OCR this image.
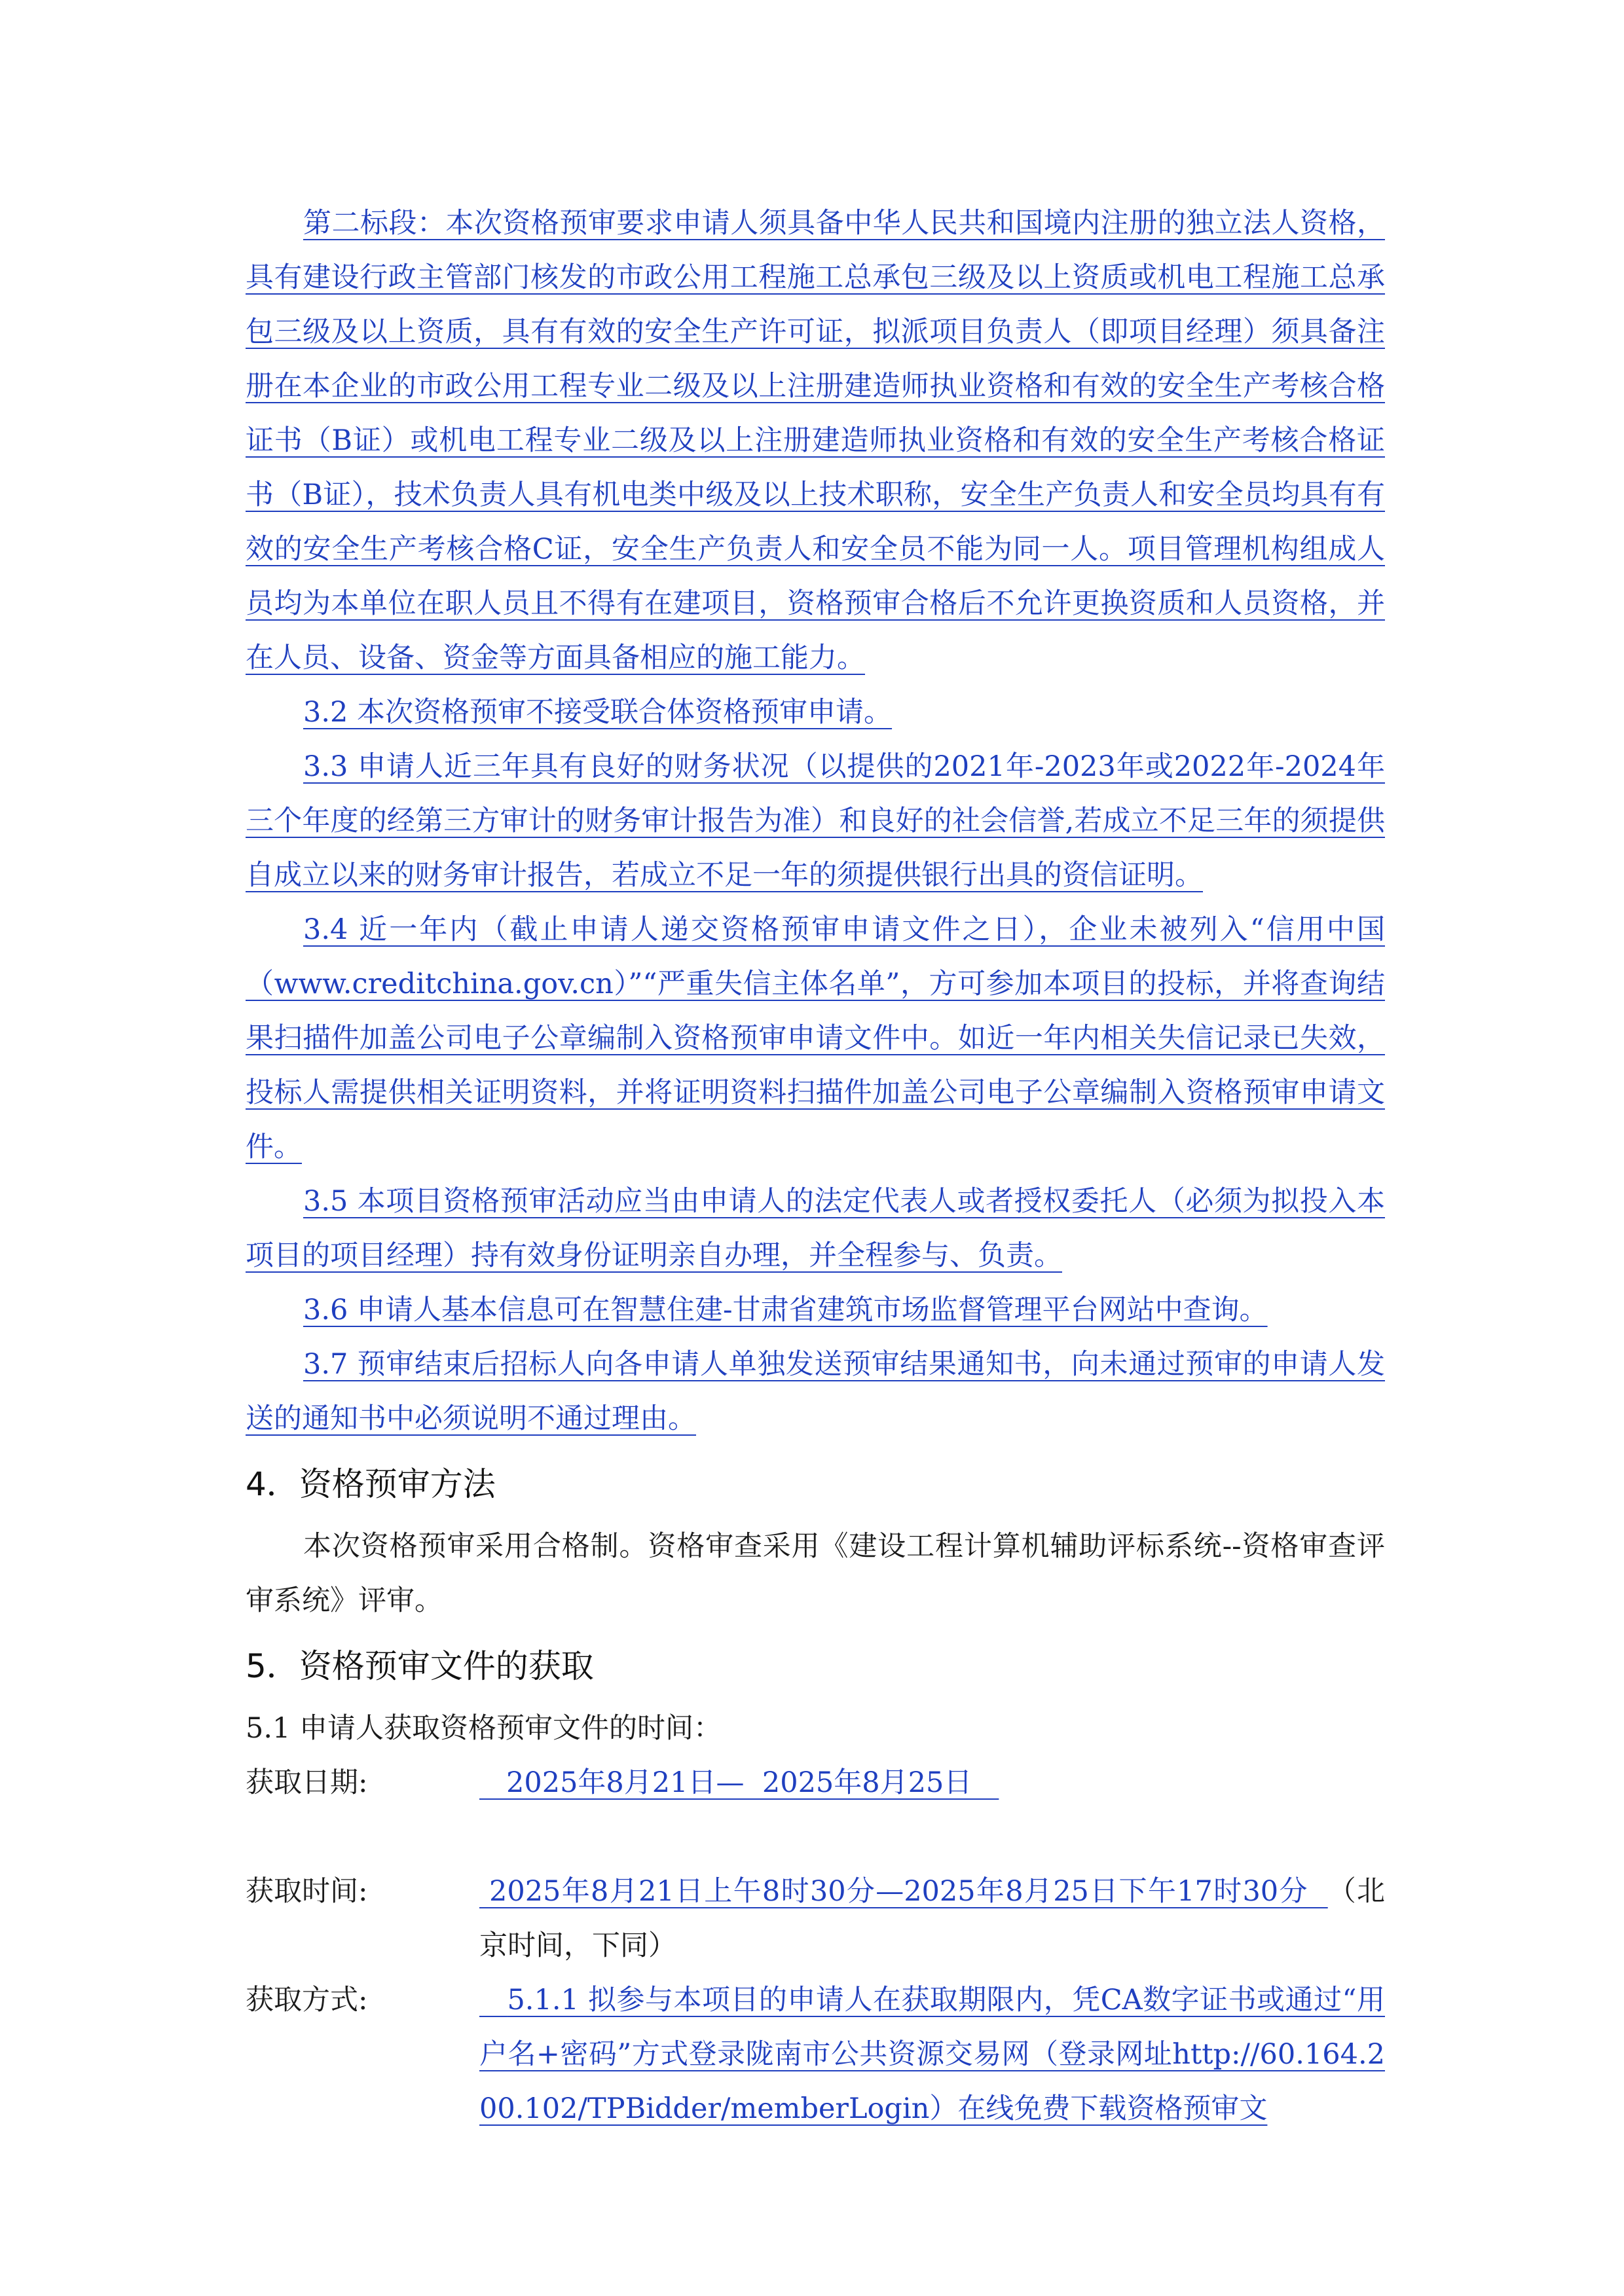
第二标段：本次资格预审要求申请人须具备中华人民共和国境内注册的独立法人资格，具有建设行政主管部门核发的市政公用工程施工总承包三级及以上资质或机电工程施工总承包三级及以上资质，具有有效的安全生产许可证，拟派项目负责人（即项目经理）须具备注册在本企业的市政公用工程专业二级及以上注册建造师执业资格和有效的安全生产考核合格证书（B证）或机电工程专业二级及以上注册建造师执业资格和有效的安全生产考核合格证书（B证），技术负责人具有机电类中级及以上技术职称，安全生产负责人和安全员均具有有效的安全生产考核合格C证，安全生产负责人和安全员不能为同一人。项目管理机构组成人员均为本单位在职人员且不得有在建项目，资格预审合格后不允许更换资质和人员资格，并在人员、设备、资金等方面具备相应的施工能力。

3.2 本次资格预审不接受联合体资格预审申请。

3.3 申请人近三年具有良好的财务状况（以提供的2021年-2023年或2022年-2024年三个年度的经第三方审计的财务审计报告为准）和良好的社会信誉,若成立不足三年的须提供自成立以来的财务审计报告，若成立不足一年的须提供银行出具的资信证明。

3.4 近一年内（截止申请人递交资格预审申请文件之日），企业未被列入“信用中国（www.creditchina.gov.cn）”“严重失信主体名单”，方可参加本项目的投标，并将查询结果扫描件加盖公司电子公章编制入资格预审申请文件中。如近一年内相关失信记录已失效，投标人需提供相关证明资料，并将证明资料扫描件加盖公司电子公章编制入资格预审申请文件。

3.5 本项目资格预审活动应当由申请人的法定代表人或者授权委托人（必须为拟投入本项目的项目经理）持有效身份证明亲自办理，并全程参与、负责。

3.6 申请人基本信息可在智慧住建-甘肃省建筑市场监督管理平台网站中查询。

3.7 预审结束后招标人向各申请人单独发送预审结果通知书，向未通过预审的申请人发送的通知书中必须说明不通过理由。

4．资格预审方法

本次资格预审采用合格制。资格审查采用《建设工程计算机辅助评标系统--资格审查评审系统》评审。

5．资格预审文件的获取

5.1 申请人获取资格预审文件的时间：

获取日期:	2025年8月21日—  2025年8月25日
获取时间:	2025年8月21日上午8时30分—2025年8月25日下午17时30分  （北京时间，下同）
获取方式:	5.1.1 拟参与本项目的申请人在获取期限内，凭CA数字证书或通过“用户名+密码”方式登录陇南市公共资源交易网（登录网址http://60.164.200.102/TPBidder/memberLogin）在线免费下载资格预审文
